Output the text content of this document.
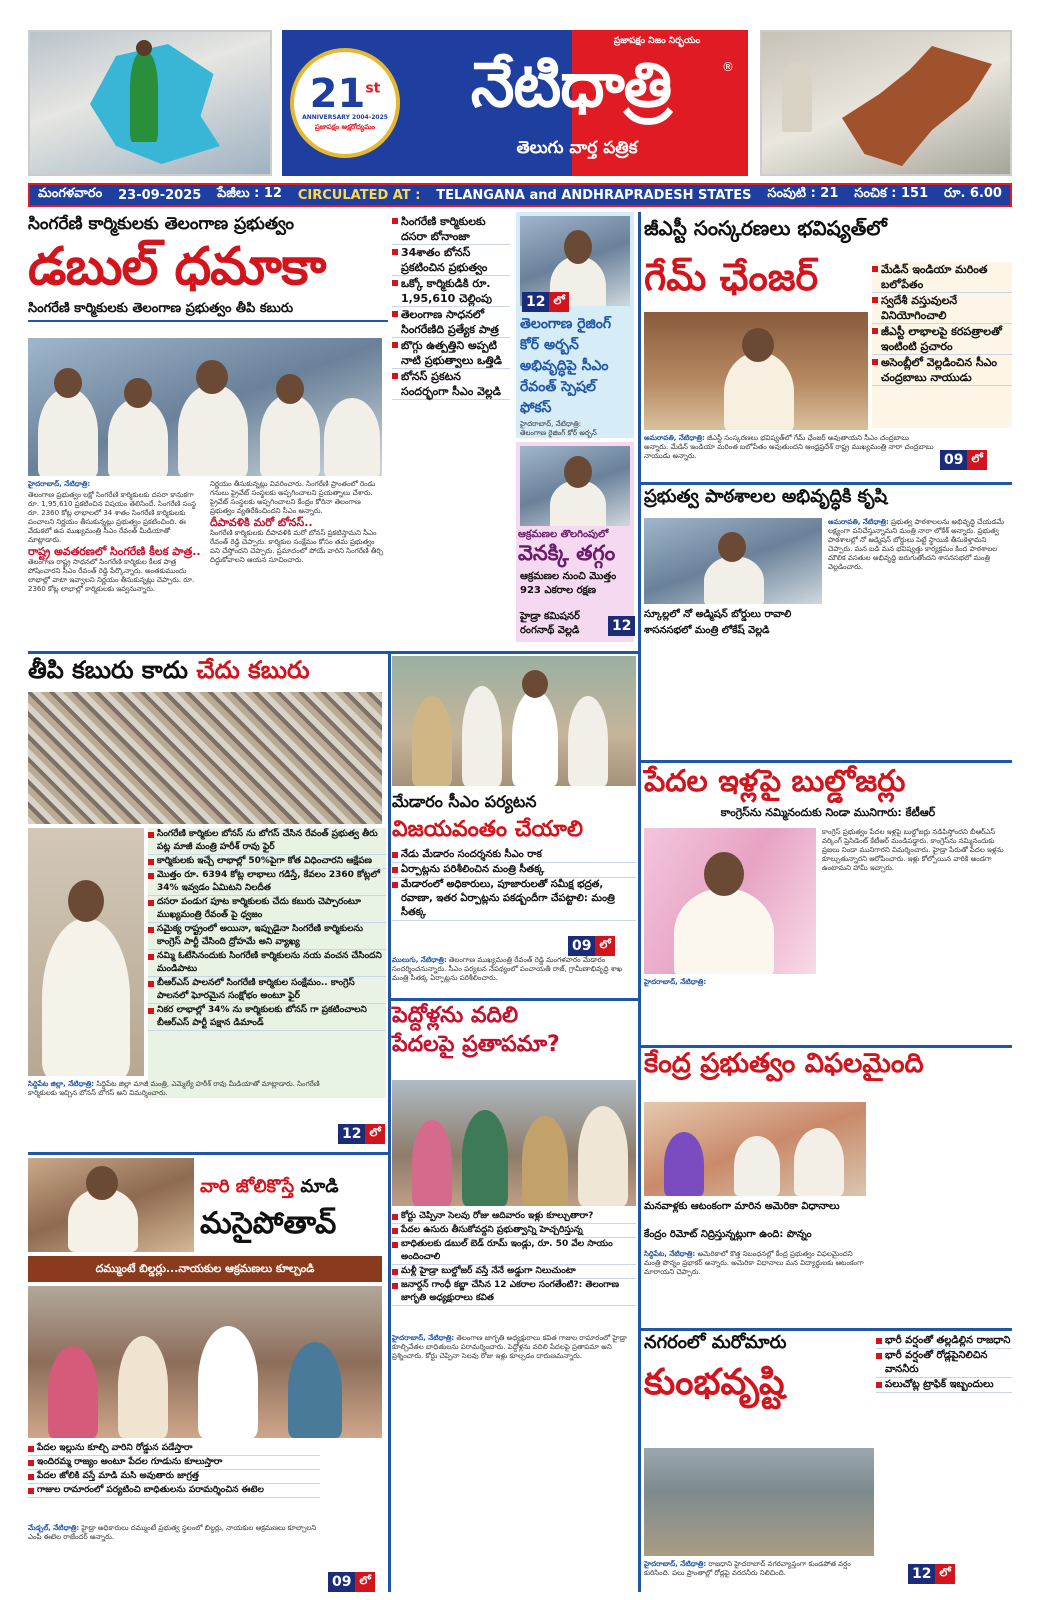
21st
ANNIVERSARY 2004-2025
ప్రజాపక్షం అక్షరోద్యమం
ప్రజాపక్షం నిజం నిర్భయం
నేటిధాత్రి	®
తెలుగు వార్త పత్రిక
మంగళవారం 23-09-2025 పేజీలు : 12 CIRCULATED AT : TELANGANA and ANDHRAPRADESH STATES సంపుటి : 21 సంచిక : 151 రూ. 6.00
సింగరేణి కార్మికులకు తెలంగాణ ప్రభుత్వం
డబుల్ ధమాకా
సింగరేణి కార్మికులకు తెలంగాణ ప్రభుత్వం తీపి కబురు

హైదరాబాద్, నేటిధాత్రి:

తెలంగాణ ప్రభుత్వం లక్షో సింగరేణి కార్మికులకు దసరా కానుకగా రూ. 1,95,610 ప్రకటించిన విషయం తెలిసిందే. సింగరేణి సంస్థ రూ. 2360 కోట్ల లాభాలలో 34 శాతం సింగరేణి కార్మికులకు పంచాలని నిర్ణయం తీసుకున్నట్లు ప్రభుత్వం ప్రకటించింది. ఈ వేడుకలో ఉప ముఖ్యమంత్రి సీఎం రేవంత్ మీడియాతో మాట్లాడారు.

రాష్ట్ర అవతరణలో సింగరేణి కీలక పాత్ర..

తెలంగాణ రాష్ట్ర సాధనలో సింగరేణి కార్మికుల కీలక పాత్ర పోషించారని సీఎం రేవంత్ రెడ్డి పేర్కొన్నారు. అంతకుముందు లాభాల్లో వాటా ఇవ్వాలని నిర్ణయం తీసుకున్నట్లు చెప్పారు. రూ. 2360 కోట్ల లాభాల్లో కార్మికులకు ఇవ్వనున్నారు.

నిర్ణయం తీసుకున్నట్లు వివరించారు. సింగరేణి ప్రాంతంలో రెండు గనులు ప్రైవేట్ సంస్థలకు అప్పగించాలని ప్రయత్నాలు చేశారు. ప్రైవేట్ సంస్థలకు అప్పగించాలని కేంద్రం కోరినా తెలంగాణ ప్రభుత్వం వ్యతిరేకించిందని సీఎం అన్నారు.

దీపావళికి మరో బోనస్..

సింగరేణి కార్మికులకు దీపావళికి మరో బోనస్ ప్రకటిస్తామని సీఎం రేవంత్ రెడ్డి చెప్పారు. కార్మికుల సంక్షేమం కోసం తమ ప్రభుత్వం పని చేస్తోందని చెప్పారు. ప్రమాదంలో పోయే వారిని సింగరేణి తీర్చి దిద్దుకోవాలని ఆయన సూచించారు.

సింగరేణి కార్మికులకు దసరా బోనాంజా
34శాతం బోనస్ ప్రకటించిన ప్రభుత్వం
ఒక్కో కార్మికుడికి రూ. 1,95,610 చెల్లింపు
తెలంగాణ సాధనలో సింగరేణిది ప్రత్యేక పాత్ర
బొగ్గు ఉత్పత్తిని అప్పటి నాటి ప్రభుత్వాలు ఒత్తిడి
బోనస్ ప్రకటన సందర్భంగా సీఎం వెల్లడి
12 లో
తెలంగాణ రైజింగ్ కోర్ అర్బన్ అభివృద్ధిపై సీఎం రేవంత్ స్పెషల్ ఫోకస్
హైదరాబాద్, నేటిధాత్రి:
తెలంగాణ రైజింగ్ కోర్ అర్బన్
ఆక్రమణల తొలగింపులో
వెనక్కి తగ్గం
ఆక్రమణల నుంచి మొత్తం 923 ఎకరాల రక్షణ
హైడ్రా కమిషనర్ రంగనాథ్ వెల్లడి	12
జీఎస్టీ సంస్కరణలు భవిష్యత్‌లో
గేమ్ ఛేంజర్	మేడిన్ ఇండియా మరింత బలోపేతం
స్వదేశీ వస్తువులనే వినియోగించాలి
జీఎస్టీ లాభాలపై కరపత్రాలతో ఇంటింటి ప్రచారం
అసెంబ్లీలో వెల్లడించిన సీఎం చంద్రబాబు నాయుడు
అమరావతి, నేటిధాత్రి: జీఎస్టీ సంస్కరణలు భవిష్యత్‌లో గేమ్ ఛేంజర్ అవుతాయని సీఎం చంద్రబాబు అన్నారు. మేడిన్ ఇండియా మరింత బలోపేతం అవుతుందని ఆంధ్రప్రదేశ్ రాష్ట్ర ముఖ్యమంత్రి నారా చంద్రబాబు నాయుడు అన్నారు.	09 లో
ప్రభుత్వ పాఠశాలల అభివృద్ధికి కృషి
స్కూల్లలో నో అడ్మిషన్ బోర్డులు రావాలి
శాసనసభలో మంత్రి లోకేష్ వెల్లడి
అమరావతి, నేటిధాత్రి: ప్రభుత్వ పాఠశాలలను అభివృద్ధి చేయడమే లక్ష్యంగా పనిచేస్తున్నామని మంత్రి నారా లోకేశ్ అన్నారు. ప్రభుత్వ పాఠశాలల్లో నో అడ్మిషన్ బోర్డులు పెట్టే స్థాయికి తీసుకెళ్తామని చెప్పారు. మన బడి మన భవిష్యత్తు కార్యక్రమం కింద పాఠశాలల మౌలిక వసతుల అభివృద్ధి జరుగుతోందని శాసనసభలో మంత్రి వెల్లడించారు.
తీపి కబురు కాదు చేదు కబురు
సింగరేణి కార్మికుల బోనస్ ను బోగస్ చేసిన రేవంత్ ప్రభుత్వ తీరు పట్ల మాజీ మంత్రి హరీశ్ రావు ఫైర్
కార్మికులకు ఇచ్చే లాభాల్లో 50%పైగా కోత విధించారని ఆక్షేపణ
మొత్తం రూ. 6394 కోట్ల లాభాలు గడిస్తే, కేవలం 2360 కోట్లలో 34% ఇవ్వడం ఏమిటని నిలదీత
దసరా పండుగ పూట కార్మికులకు చేదు కబురు చెప్పారంటూ ముఖ్యమంత్రి రేవంత్ పై ధ్వజం
సమైక్య రాష్ట్రంలో అయినా, ఇప్పుడైనా సింగరేణి కార్మికులను కాంగ్రెస్ పార్టీ చేసింది ద్రోహమే అని వ్యాఖ్య
నమ్మి ఓటేసినందుకు సింగరేణి కార్మికులను నయ వంచన చేసిందని మండిపాటు
బీఆర్ఎస్ పాలనలో సింగరేణి కార్మికుల సంక్షేమం.. కాంగ్రెస్ పాలనలో ఘోరమైన సంక్షోభం అంటూ ఫైర్
నికర లాభాల్లో 34% ను కార్మికులకు బోనస్ గా ప్రకటించాలని బీఆర్ఎస్ పార్టీ పక్షాన డిమాండ్
సిద్దిపేట జిల్లా, నేటిధాత్రి: సిద్దిపేట జిల్లా మాజీ మంత్రి, ఎమ్మెల్యే హరీశ్ రావు మీడియాతో మాట్లాడారు. సింగరేణి కార్మికులకు ఇచ్చిన బోనస్ బోగస్ అని విమర్శించారు.
12 లో
మేడారం సీఎం పర్యటన
విజయవంతం చేయాలి
నేడు మేడారం సందర్శనకు సీఎం రాక
ఏర్పాట్లను పరిశీలించిన మంత్రి సీతక్క
మేడారంలో అధికారులు, పూజారులతో సమీక్ష భద్రత, రవాణా, ఇతర ఏర్పాట్లను పకడ్బందీగా చేపట్టాలి: మంత్రి సీతక్క
09 లో
ములుగు, నేటిధాత్రి: తెలంగాణ ముఖ్యమంత్రి రేవంత్ రెడ్డి మంగళవారం మేడారం సందర్శించనున్నారు. సీఎం పర్యటన నేపథ్యంలో పంచాయతీ రాజ్, గ్రామీణాభివృద్ధి శాఖ మంత్రి సీతక్క ఏర్పాట్లను పరిశీలించారు.
పేదల ఇళ్లపై బుల్డోజర్లు
కాంగ్రెస్‌ను నమ్మినందుకు నిండా మునిగారు: కేటీఆర్
హైదరాబాద్, నేటిధాత్రి:
కాంగ్రెస్ ప్రభుత్వం పేదల ఇళ్లపై బుల్డోజర్లు నడిపిస్తోందని బీఆర్ఎస్ వర్కింగ్ ప్రెసిడెంట్ కేటీఆర్ మండిపడ్డారు. కాంగ్రెస్‌ను నమ్మినందుకు ప్రజలు నిండా మునిగారని విమర్శించారు. హైడ్రా పేరుతో పేదల ఇళ్లను కూల్చుతున్నారని ఆరోపించారు. ఇళ్లు కోల్పోయిన వారికి అండగా ఉంటామని హామీ ఇచ్చారు.
పెద్దోళ్లను వదిలి
పేదలపై ప్రతాపమా?
కోర్టు చెప్పినా సెలవు రోజు ఆదివారం ఇళ్లు కూల్చుతారా?
పేదల ఉసురు తీసుకోవద్దని ప్రభుత్వాన్ని హెచ్చరిస్తున్న
బాధితులకు డబుల్ బెడ్ రూమ్ ఇండ్లు, రూ. 50 వేల సాయం అందించాలి
మళ్లీ హైడ్రా బుల్డోజర్ వస్తే నేనే అడ్డుగా నిలుచుంటా
జనార్దన్ గాంధీ కబ్జా చేసిన 12 ఎకరాల సంగతేంటి?: తెలంగాణ జాగృతి అధ్యక్షురాలు కవిత
హైదరాబాద్, నేటిధాత్రి: తెలంగాణ జాగృతి అధ్యక్షురాలు కవిత గాజుల రామారంలో హైడ్రా కూల్చివేతల బాధితులను పరామర్శించారు. పెద్దోళ్లను వదిలి పేదలపై ప్రతాపమా అని ప్రశ్నించారు. కోర్టు చెప్పినా సెలవు రోజు ఇళ్లు కూల్చడం దారుణమన్నారు.
కేంద్ర ప్రభుత్వం విఫలమైంది
మనవాళ్లకు ఆటంకంగా మారిన అమెరికా విధానాలు
కేంద్రం రిమోట్ నిద్రిస్తున్నట్లుగా ఉంది: పొన్నం
సిద్దిపేట, నేటిధాత్రి: అమెరికాలో కొత్త నిబంధనల్లో కేంద్ర ప్రభుత్వం విఫలమైందని మంత్రి పొన్నం ప్రభాకర్ అన్నారు. అమెరికా విధానాలు మన విద్యార్థులకు ఆటంకంగా మారాయని చెప్పారు.
వారి జోలికొస్తే మాడి
మసైపోతావ్
దమ్ముంటే బిల్డర్లు...నాయకుల ఆక్రమణలు కూల్చండి
పేదల ఇల్లును కూల్చి వారిని రోడ్డున పడేస్తారా
ఇందిరమ్మ రాజ్యం అంటూ పేదల గూడును కూలుస్తారా
పేదల జోలికి వస్తే మాడి మసి అవుతారు జాగ్రత్త
గాజుల రామారంలో పర్యటించి బాధితులను పరామర్శించిన ఈటెల
మేడ్చల్, నేటిధాత్రి: హైడ్రా అధికారులు దమ్ముంటే ప్రభుత్వ స్థలంలో బిల్డర్లు, నాయకుల ఆక్రమణలు కూల్చాలని ఎంపీ ఈటెల రాజేందర్ అన్నారు.
09 లో
నగరంలో మరోమారు
కుంభవృష్టి
భారీ వర్షంతో తల్లడిల్లిన రాజధాని
భారీ వర్షంతో రోడ్లపైనిలిచిన వాననీరు
పలుచోట్ల ట్రాఫిక్ ఇబ్బందులు
హైదరాబాద్, నేటిధాత్రి: రాజధాని హైదరాబాద్ నగరవ్యాప్తంగా కుండపోత వర్షం కురిసింది. పలు ప్రాంతాల్లో రోడ్లపై వరదనీరు నిలిచింది.	12 లో
